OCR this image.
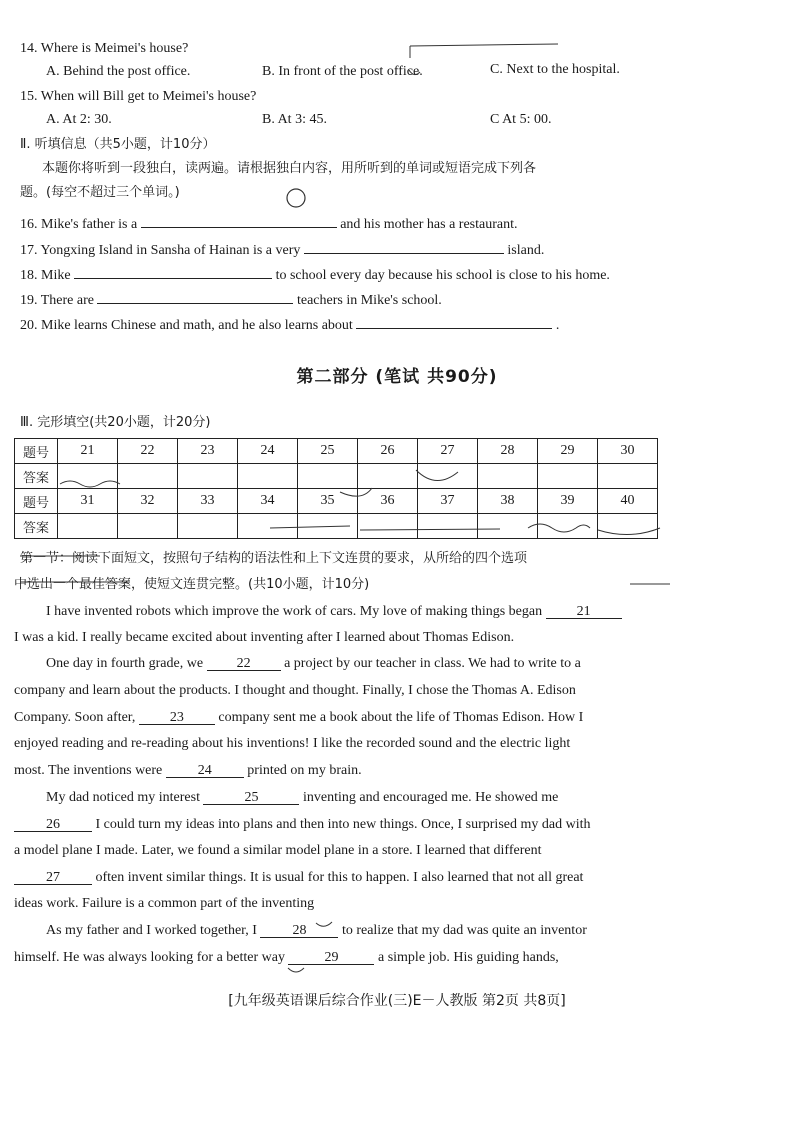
14. Where is Meimei's house?
A. Behind the post office.	B. In front of the post office.	C. Next to the hospital.
15. When will Bill get to Meimei's house?
A. At 2: 30.	B. At 3: 45.	C At 5: 00.
Ⅱ. 听填信息（共5小题，计10分）
本题你将听到一段独白，读两遍。请根据独白内容，用所听到的单词或短语完成下列各
题。(每空不超过三个单词。)
16. Mike's father is a	and his mother has a restaurant.
17. Yongxing Island in Sansha of Hainan is a very	island.
18. Mike	to school every day because his school is close to his home.
19. There are	teachers in Mike's school.
20. Mike learns Chinese and math, and he also learns about	.
第二部分 (笔试 共90分)
Ⅲ. 完形填空(共20小题，计20分)
题号	21	22	23	24	25	26	27	28	29	30
答案										
题号	31	32	33	34	35	36	37	38	39	40
答案										
第一节：阅读下面短文，按照句子结构的语法性和上下文连贯的要求，从所给的四个选项
中选出一个最佳答案，使短文连贯完整。(共10小题，计10分)
I have invented robots which improve the work of cars. My love of making things began 21
I was a kid. I really became excited about inventing after I learned about Thomas Edison.
One day in fourth grade, we 22 a project by our teacher in class. We had to write to a
company and learn about the products. I thought and thought. Finally, I chose the Thomas A. Edison
Company. Soon after, 23 company sent me a book about the life of Thomas Edison. How I
enjoyed reading and re-reading about his inventions! I like the recorded sound and the electric light
most. The inventions were	24	printed on my brain.
My dad noticed my interest	25	inventing and encouraged me. He showed me
26	I could turn my ideas into plans and then into new things. Once, I surprised my dad with
a model plane I made. Later, we found a similar model plane in a store. I learned that different
27	often invent similar things. It is usual for this to happen. I also learned that not all great
ideas work. Failure is a common part of the inventing
As my father and I worked together, I	28	to realize that my dad was quite an inventor
himself. He was always looking for a better way	29	a simple job. His guiding hands,
[九年级英语课后综合作业(三)E－人教版 第2页 共8页]
